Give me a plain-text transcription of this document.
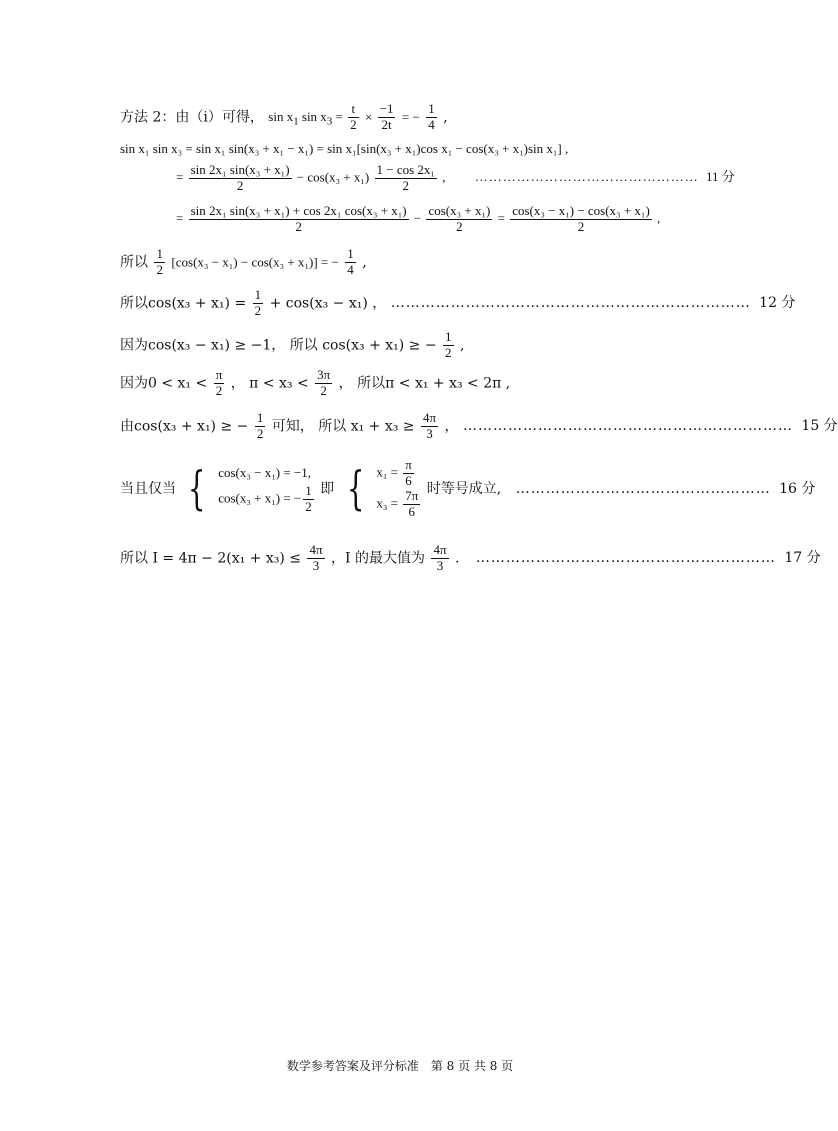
方法 2：由（i）可得， $\sin x_1$ $\sin x_3 = \frac{t}{2} \times \frac{-1}{2t}$ = − $\frac{1}{4}$ ,
sin x₁ sin x₃ = sin x₁ sin(x₃ + x₁ − x₁) = sin x₁[sin(x₃ + x₁)cos x₁ − cos(x₃ + x₁)sin x₁] ,
= $\frac{\text{sin 2x₁ sin(x₃ + x₁)}}{2} - \cos(x_3 + x_1) \frac{\text{1 − cos 2x₁}}{2}$ , ………………………………………… 11 分
= $\frac{\text{sin 2x₁ sin(x₃ + x₁) + cos 2x₁ cos(x₃ + x₁)}}{2} - \frac{\text{cos(x₃ + x₁)}}{2} = \frac{\text{cos(x₃ − x₁) − cos(x₃ + x₁)}}{2}$ ,
所以 $\frac{1}{2} [\cos(x_3 - x_1) - \cos(x_3 + x_1)]$ = − $\frac{1}{4}$ ,
所以$\cos(x_3 + x_1) = \frac{1}{2} + \cos(x_3 - x_1)$ ， ……………………………………………………………… 12 分
因为cos(x₃ − x₁) ≥ −1， 所以 cos(x₃ + x₁) ≥ − $\frac{1}{2}$ ,
因为$0 < x_1 < \frac{\pi}{2}$ ， $\pi < x_3 < \frac{3\pi}{2}$ ， 所以π < x₁ + x₃ < 2π ,
由cos(x₃ + x₁) ≥ − $\frac{1}{2}$ 可知， 所以 $x_1 + x_3 \ge \frac{4\pi}{3}$ ， ………………………………………………………… 15 分
当且仅当 { cos(x₃ − x₁) = −1,
cos(x₃ + x₁) = − $\frac{1}{2}$ 即 { $x_1 = \frac{\pi}{6}$
$x_3 = \frac{7\pi}{6}$ 时等号成立, …………………………………………… 16 分
所以 $I = 4\pi - 2(x_1 + x_3) \le \frac{4\pi}{3}$ ，I 的最大值为 $\frac{4\pi}{3}$ . …………………………………………………… 17 分
数学参考答案及评分标准　第 8 页 共 8 页
